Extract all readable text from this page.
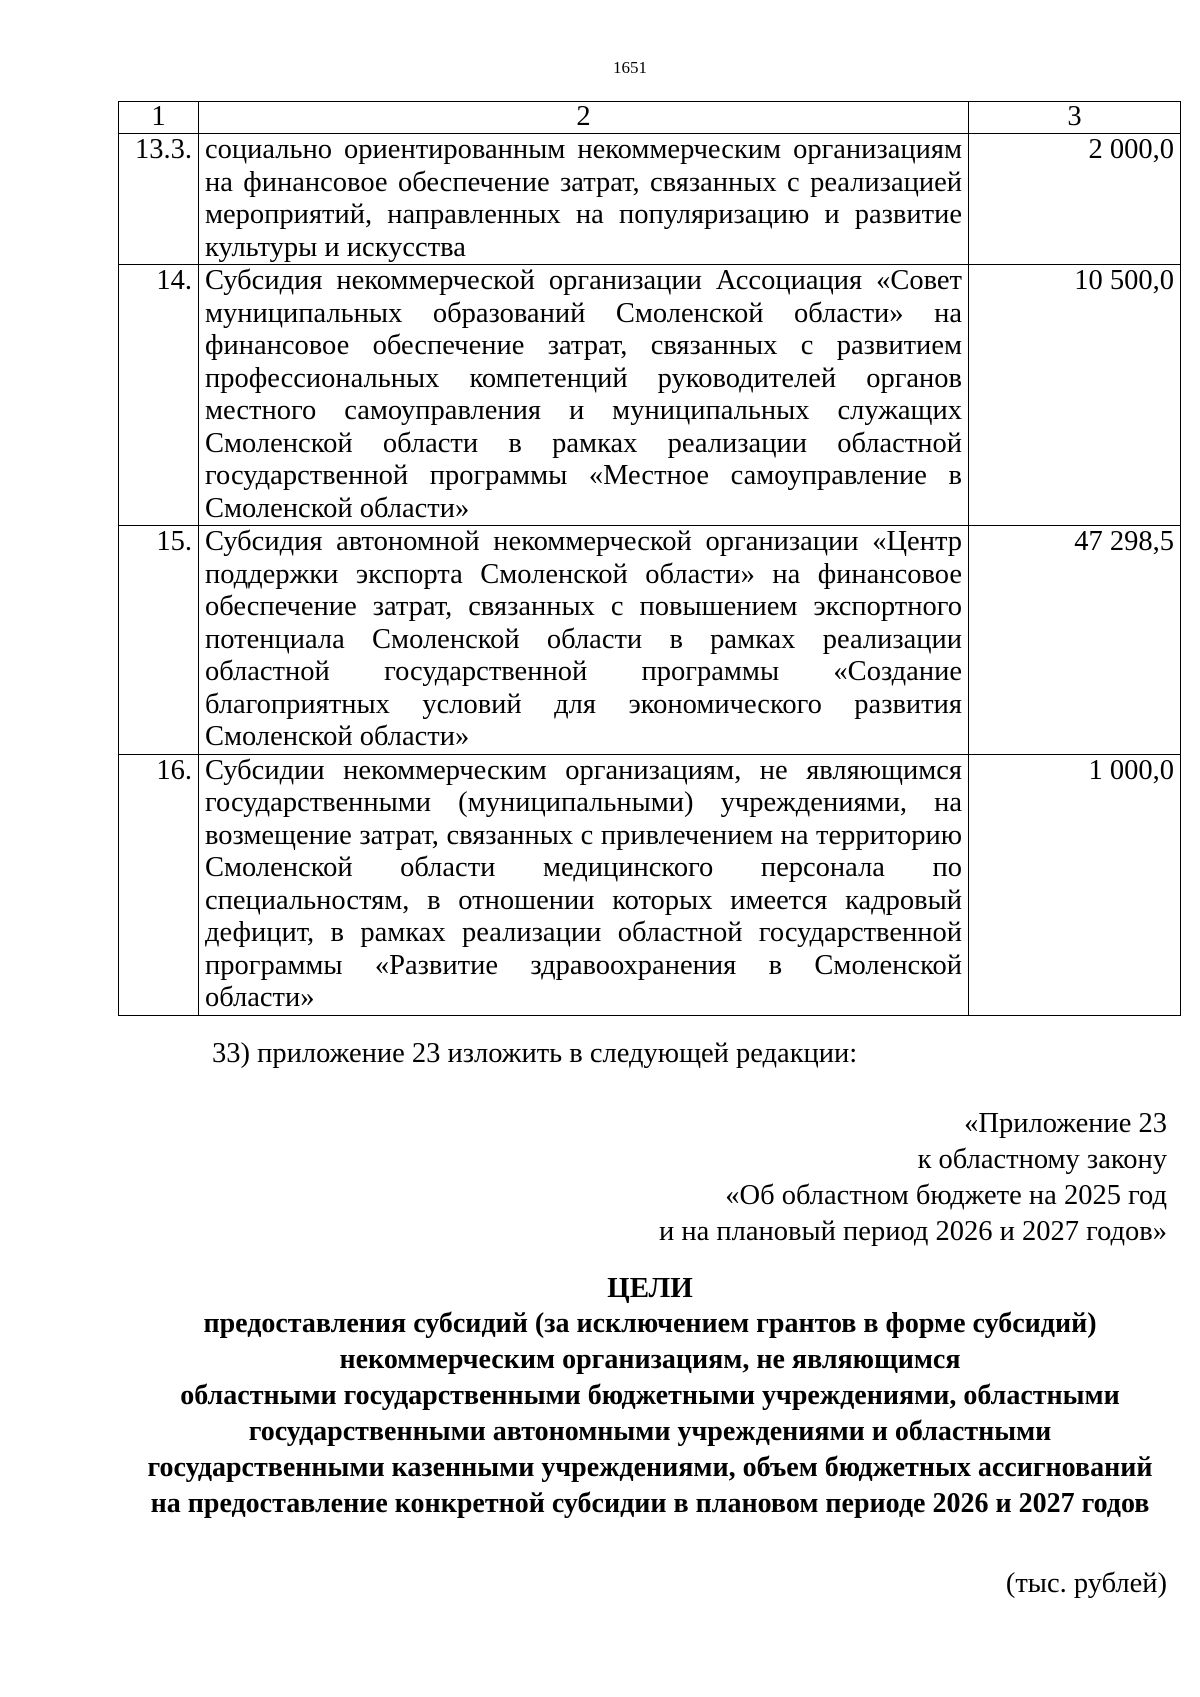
1651
1	2	3
13.3.	социально ориентированным некоммерческим организациям на финансовое обеспечение затрат, связанных с реализацией мероприятий, направленных на популяризацию и развитие культуры и искусства	2 000,0
14.	Субсидия некоммерческой организации Ассоциация «Совет муниципальных образований Смоленской области» на финансовое обеспечение затрат, связанных с развитием профессиональных компетенций руководителей органов местного самоуправления и муниципальных служащих Смоленской области в рамках реализации областной государственной программы «Местное самоуправление в Смоленской области»	10 500,0
15.	Субсидия автономной некоммерческой организации «Центр поддержки экспорта Смоленской области» на финансовое обеспечение затрат, связанных с повышением экспортного потенциала Смоленской области в рамках реализации областной государственной программы «Создание благоприятных условий для экономического развития Смоленской области»	47 298,5
16.	Субсидии некоммерческим организациям, не являющимся государственными (муниципальными) учреждениями, на возмещение затрат, связанных с привлечением на территорию Смоленской области медицинского персонала по специальностям, в отношении которых имеется кадровый дефицит, в рамках реализации областной государственной программы «Развитие здравоохранения в Смоленской области»	1 000,0
33) приложение 23 изложить в следующей редакции:
«Приложение 23
к областному закону
«Об областном бюджете на 2025 год
и на плановый период 2026 и 2027 годов»
ЦЕЛИ
предоставления субсидий (за исключением грантов в форме субсидий)
некоммерческим организациям, не являющимся
областными государственными бюджетными учреждениями, областными
государственными автономными учреждениями и областными
государственными казенными учреждениями, объем бюджетных ассигнований
на предоставление конкретной субсидии в плановом периоде 2026 и 2027 годов
(тыс. рублей)
